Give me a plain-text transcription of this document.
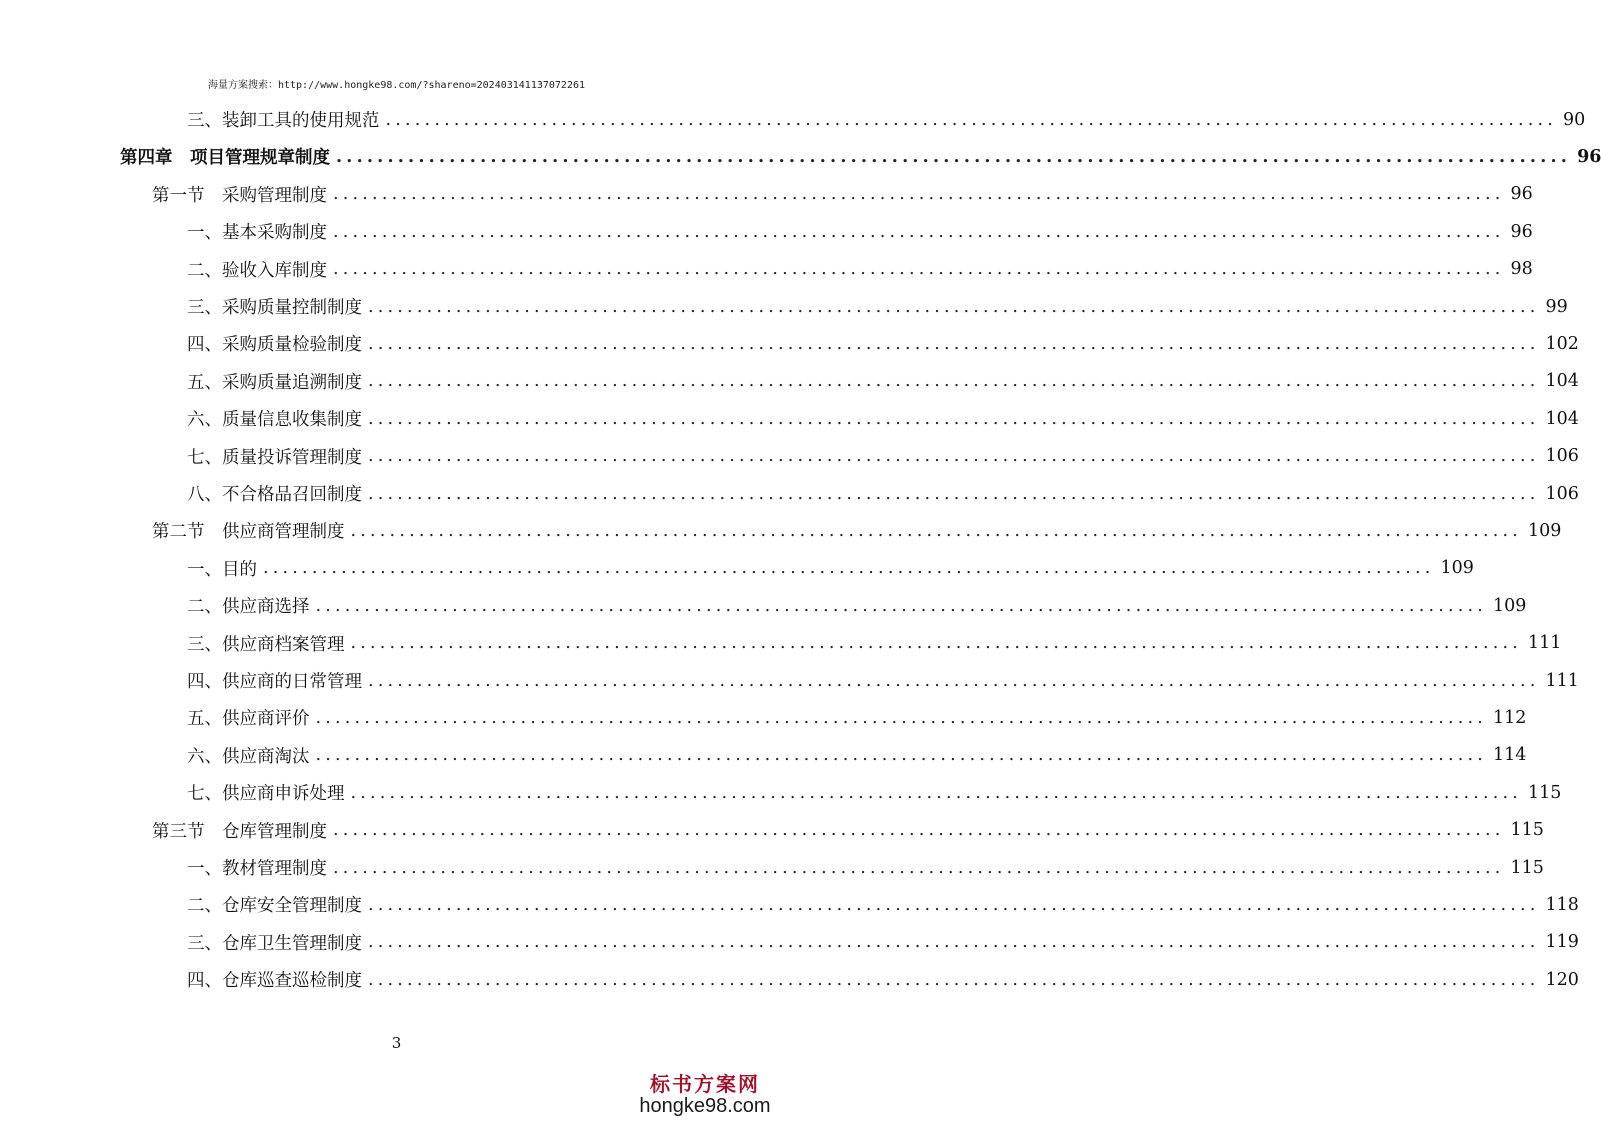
海量方案搜索：http://www.hongke98.com/?shareno=202403141137072261
三、装卸工具的使用规范 ........................................................................................................................ 90
第四章　项目管理规章制度 ........................................................................................................................ 96
第一节　采购管理制度 ........................................................................................................................ 96
一、基本采购制度 ........................................................................................................................ 96
二、验收入库制度 ........................................................................................................................ 98
三、采购质量控制制度 ........................................................................................................................ 99
四、采购质量检验制度 ........................................................................................................................ 102
五、采购质量追溯制度 ........................................................................................................................ 104
六、质量信息收集制度 ........................................................................................................................ 104
七、质量投诉管理制度 ........................................................................................................................ 106
八、不合格品召回制度 ........................................................................................................................ 106
第二节　供应商管理制度 ........................................................................................................................ 109
一、目的 ........................................................................................................................ 109
二、供应商选择 ........................................................................................................................ 109
三、供应商档案管理 ........................................................................................................................ 111
四、供应商的日常管理 ........................................................................................................................ 111
五、供应商评价 ........................................................................................................................ 112
六、供应商淘汰 ........................................................................................................................ 114
七、供应商申诉处理 ........................................................................................................................ 115
第三节　仓库管理制度 ........................................................................................................................ 115
一、教材管理制度 ........................................................................................................................ 115
二、仓库安全管理制度 ........................................................................................................................ 118
三、仓库卫生管理制度 ........................................................................................................................ 119
四、仓库巡查巡检制度 ........................................................................................................................ 120
3
标书方案网
hongke98.com
